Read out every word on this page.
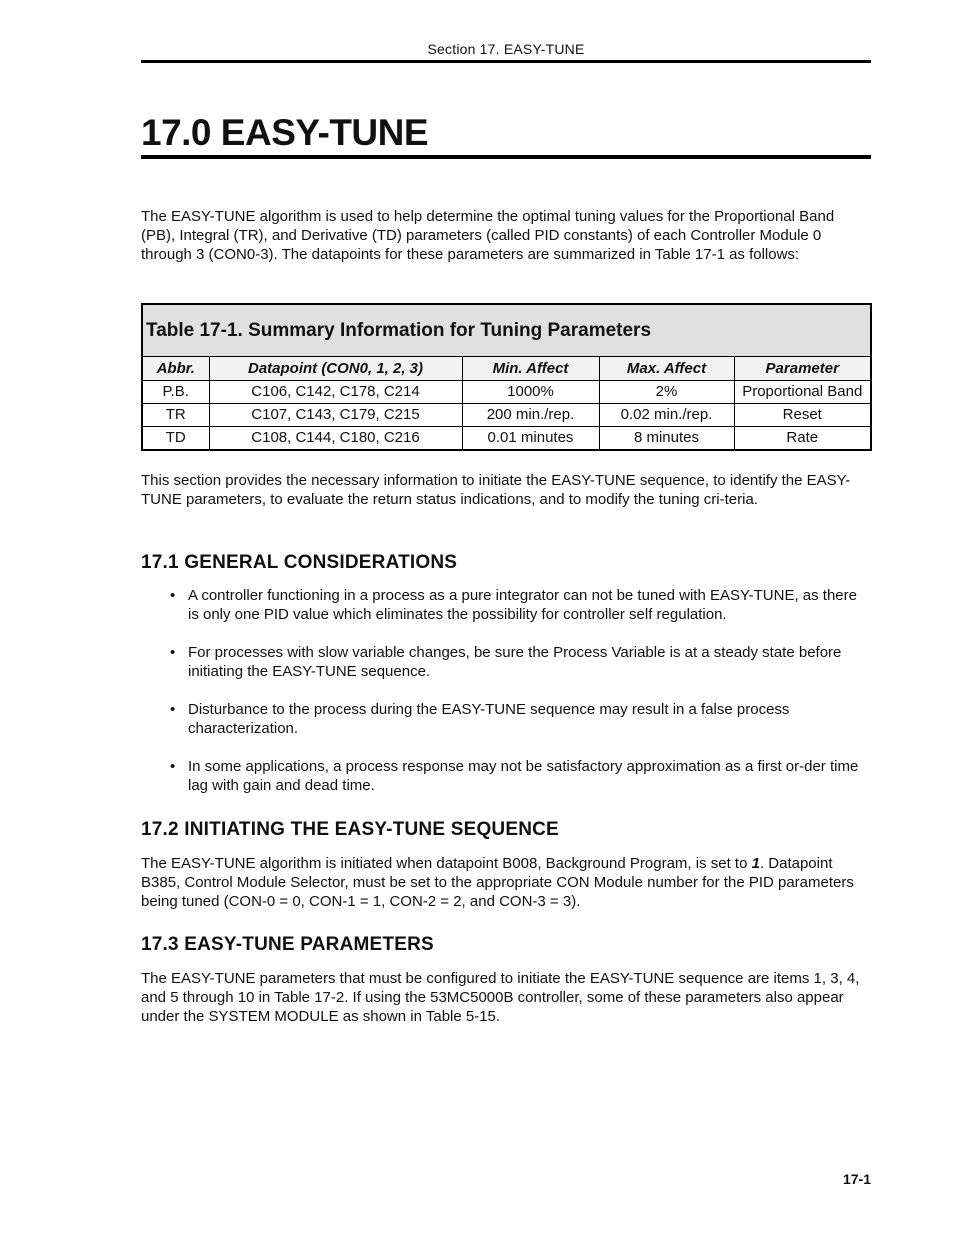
Section 17. EASY-TUNE
17.0 EASY-TUNE

The EASY-TUNE algorithm is used to help determine the optimal tuning values for the Proportional Band (PB), Integral (TR), and Derivative (TD) parameters (called PID constants) of each Controller Module 0 through 3 (CON0-3). The datapoints for these parameters are summarized in Table 17-1 as follows:

Table 17-1. Summary Information for Tuning Parameters
Abbr.	Datapoint (CON0, 1, 2, 3)	Min. Affect	Max. Affect	Parameter
P.B.	C106, C142, C178, C214	1000%	2%	Proportional Band
TR	C107, C143, C179, C215	200 min./rep.	0.02 min./rep.	Reset
TD	C108, C144, C180, C216	0.01 minutes	8 minutes	Rate

This section provides the necessary information to initiate the EASY-TUNE sequence, to identify the EASY-TUNE parameters, to evaluate the return status indications, and to modify the tuning cri-teria.

17.1 GENERAL CONSIDERATIONS
• A controller functioning in a process as a pure integrator can not be tuned with EASY-TUNE, as there is only one PID value which eliminates the possibility for controller self regulation.
• For processes with slow variable changes, be sure the Process Variable is at a steady state before initiating the EASY-TUNE sequence.
• Disturbance to the process during the EASY-TUNE sequence may result in a false process characterization.
• In some applications, a process response may not be satisfactory approximation as a first or-der time lag with gain and dead time.
17.2 INITIATING THE EASY-TUNE SEQUENCE

The EASY-TUNE algorithm is initiated when datapoint B008, Background Program, is set to 1. Datapoint B385, Control Module Selector, must be set to the appropriate CON Module number for the PID parameters being tuned (CON-0 = 0, CON-1 = 1, CON-2 = 2, and CON-3 = 3).

17.3 EASY-TUNE PARAMETERS

The EASY-TUNE parameters that must be configured to initiate the EASY-TUNE sequence are items 1, 3, 4, and 5 through 10 in Table 17-2. If using the 53MC5000B controller, some of these parameters also appear under the SYSTEM MODULE as shown in Table 5-15.

17-1
